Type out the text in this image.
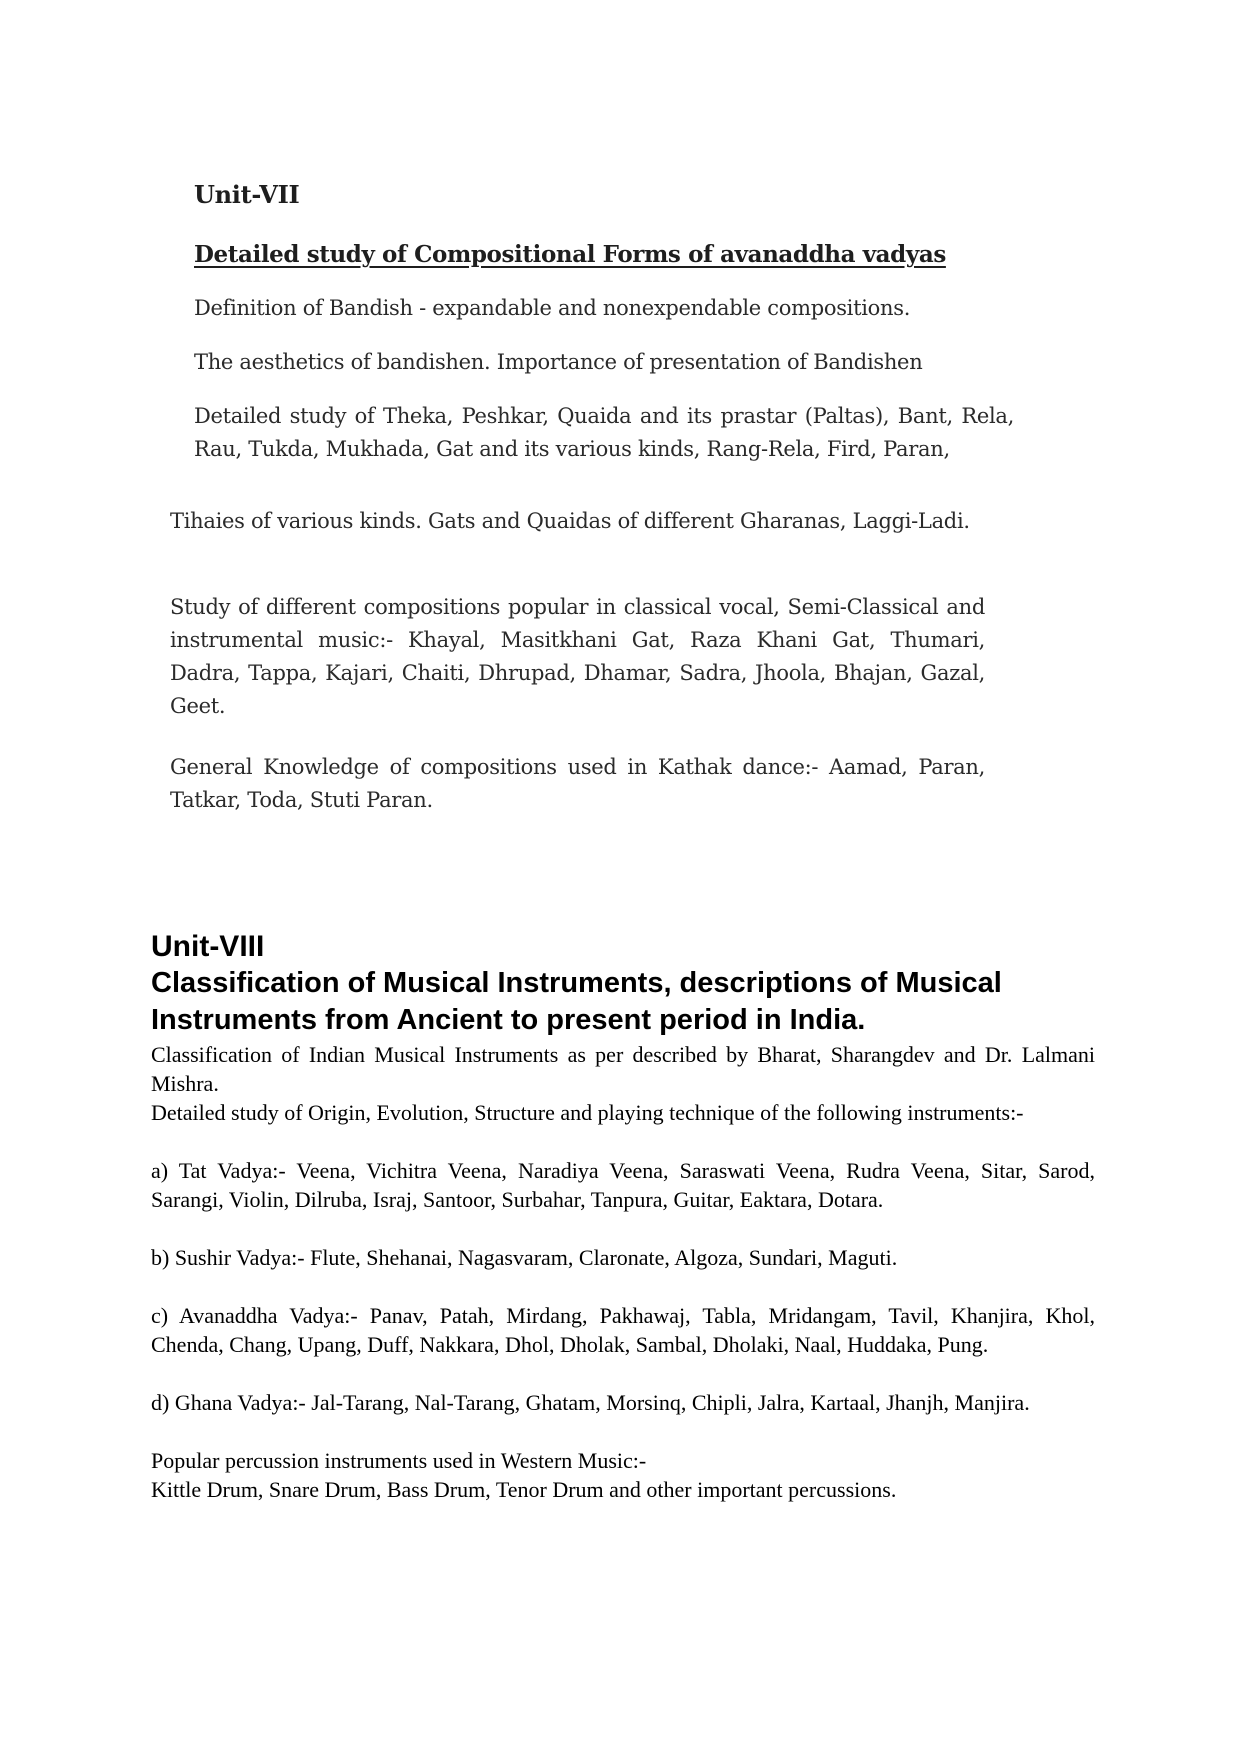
Unit-VII
Detailed study of Compositional Forms of avanaddha vadyas
Definition of Bandish - expandable and nonexpendable compositions.
The aesthetics of bandishen. Importance of presentation of Bandishen
Detailed study of Theka, Peshkar, Quaida and its prastar (Paltas), Bant, Rela, Rau, Tukda, Mukhada, Gat and its various kinds, Rang-Rela, Fird, Paran,
Tihaies of various kinds. Gats and Quaidas of different Gharanas, Laggi-Ladi.
Study of different compositions popular in classical vocal, Semi-Classical and instrumental music:- Khayal, Masitkhani Gat, Raza Khani Gat, Thumari, Dadra, Tappa, Kajari, Chaiti, Dhrupad, Dhamar, Sadra, Jhoola, Bhajan, Gazal, Geet.
General Knowledge of compositions used in Kathak dance:- Aamad, Paran, Tatkar, Toda, Stuti Paran.
Unit-VIII
Classification of Musical Instruments, descriptions of Musical Instruments from Ancient to present period in India.

Classification of Indian Musical Instruments as per described by Bharat, Sharangdev and Dr. Lalmani Mishra.

Detailed study of Origin, Evolution, Structure and playing technique of the following instruments:-

a) Tat Vadya:- Veena, Vichitra Veena, Naradiya Veena, Saraswati Veena, Rudra Veena, Sitar, Sarod, Sarangi, Violin, Dilruba, Israj, Santoor, Surbahar, Tanpura, Guitar, Eaktara, Dotara.

b) Sushir Vadya:- Flute, Shehanai, Nagasvaram, Claronate, Algoza, Sundari, Maguti.

c) Avanaddha Vadya:- Panav, Patah, Mirdang, Pakhawaj, Tabla, Mridangam, Tavil, Khanjira, Khol, Chenda, Chang, Upang, Duff, Nakkara, Dhol, Dholak, Sambal, Dholaki, Naal, Huddaka, Pung.

d) Ghana Vadya:- Jal-Tarang, Nal-Tarang, Ghatam, Morsinq, Chipli, Jalra, Kartaal, Jhanjh, Manjira.

Popular percussion instruments used in Western Music:-

Kittle Drum, Snare Drum, Bass Drum, Tenor Drum and other important percussions.
